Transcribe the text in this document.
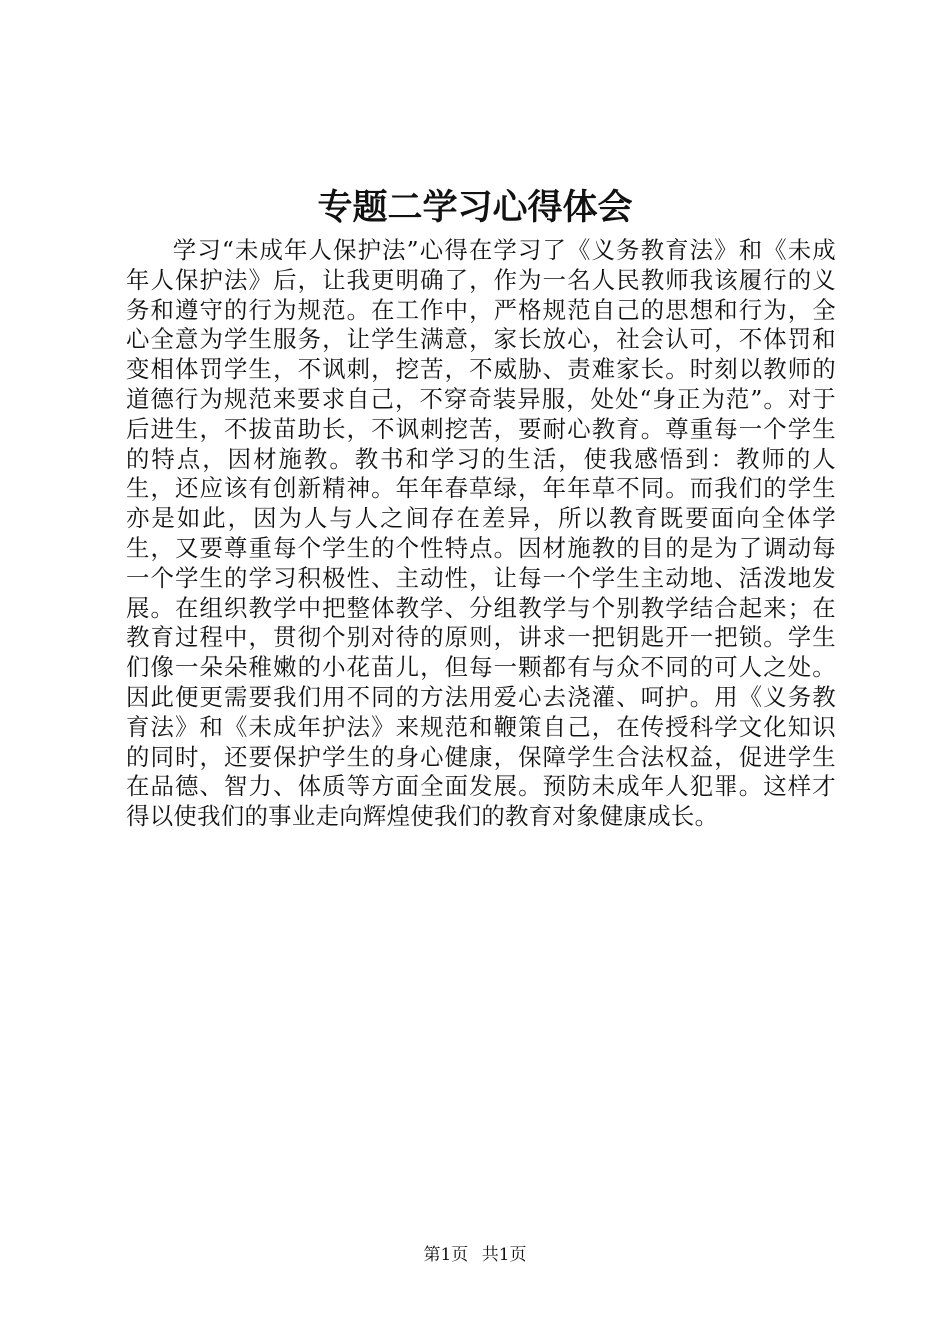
专题二学习心得体会

学习“未成年人保护法”心得在学习了《义务教育法》和《未成年人保护法》后，让我更明确了，作为一名人民教师我该履行的义务和遵守的行为规范。在工作中，严格规范自己的思想和行为，全心全意为学生服务，让学生满意，家长放心，社会认可，不体罚和变相体罚学生，不讽刺，挖苦，不威胁、责难家长。时刻以教师的道德行为规范来要求自己，不穿奇装异服，处处“身正为范”。对于后进生，不拔苗助长，不讽刺挖苦，要耐心教育。尊重每一个学生的特点，因材施教。教书和学习的生活，使我感悟到：教师的人生，还应该有创新精神。年年春草绿，年年草不同。而我们的学生亦是如此，因为人与人之间存在差异，所以教育既要面向全体学生，又要尊重每个学生的个性特点。因材施教的目的是为了调动每一个学生的学习积极性、主动性，让每一个学生主动地、活泼地发展。在组织教学中把整体教学、分组教学与个别教学结合起来；在教育过程中，贯彻个别对待的原则，讲求一把钥匙开一把锁。学生们像一朵朵稚嫩的小花苗儿，但每一颗都有与众不同的可人之处。因此便更需要我们用不同的方法用爱心去浇灌、呵护。用《义务教育法》和《未成年护法》来规范和鞭策自己，在传授科学文化知识的同时，还要保护学生的身心健康，保障学生合法权益，促进学生在品德、智力、体质等方面全面发展。预防未成年人犯罪。这样才得以使我们的事业走向辉煌使我们的教育对象健康成长。

第1页 共1页
